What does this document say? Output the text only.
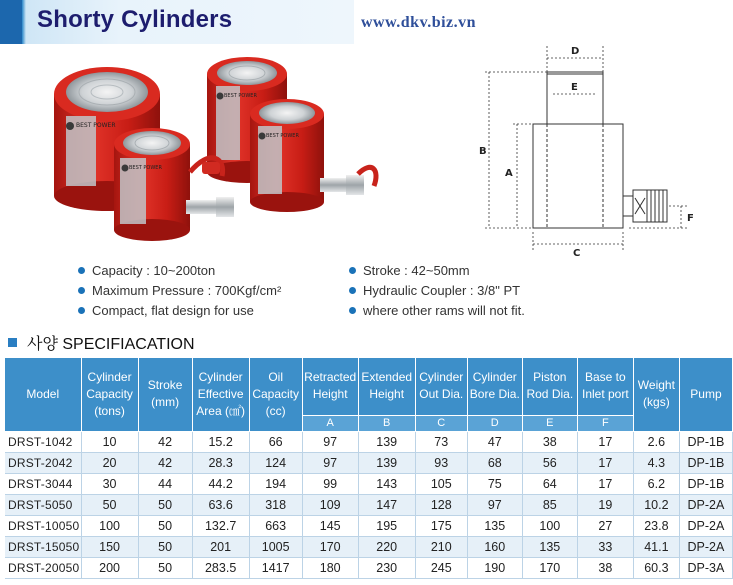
Shorty Cylinders	www.dkv.biz.vn
BEST POWER
BEST POWER
BEST POWER
BEST POWER
D
E
B
A
C
F
Capacity : 10~200ton
Maximum Pressure : 700Kgf/cm²
Compact, flat design for use
Stroke : 42~50mm
Hydraulic Coupler : 3/8" PT
where other rams will not fit.
사양 SPECIFIACATION
Model	Cylinder Capacity (tons)	Stroke (mm)	Cylinder Effective Area (㎠)	Oil Capacity (cc)	Retracted Height	Extended Height	Cylinder Out Dia.	Cylinder Bore Dia.	Piston Rod Dia.	Base to Inlet port	Weight (kgs)	Pump
					A	B	C	D	E	F		
DRST-1042	10	42	15.2	66	97	139	73	47	38	17	2.6	DP-1B
DRST-2042	20	42	28.3	124	97	139	93	68	56	17	4.3	DP-1B
DRST-3044	30	44	44.2	194	99	143	105	75	64	17	6.2	DP-1B
DRST-5050	50	50	63.6	318	109	147	128	97	85	19	10.2	DP-2A
DRST-10050	100	50	132.7	663	145	195	175	135	100	27	23.8	DP-2A
DRST-15050	150	50	201	1005	170	220	210	160	135	33	41.1	DP-2A
DRST-20050	200	50	283.5	1417	180	230	245	190	170	38	60.3	DP-3A
